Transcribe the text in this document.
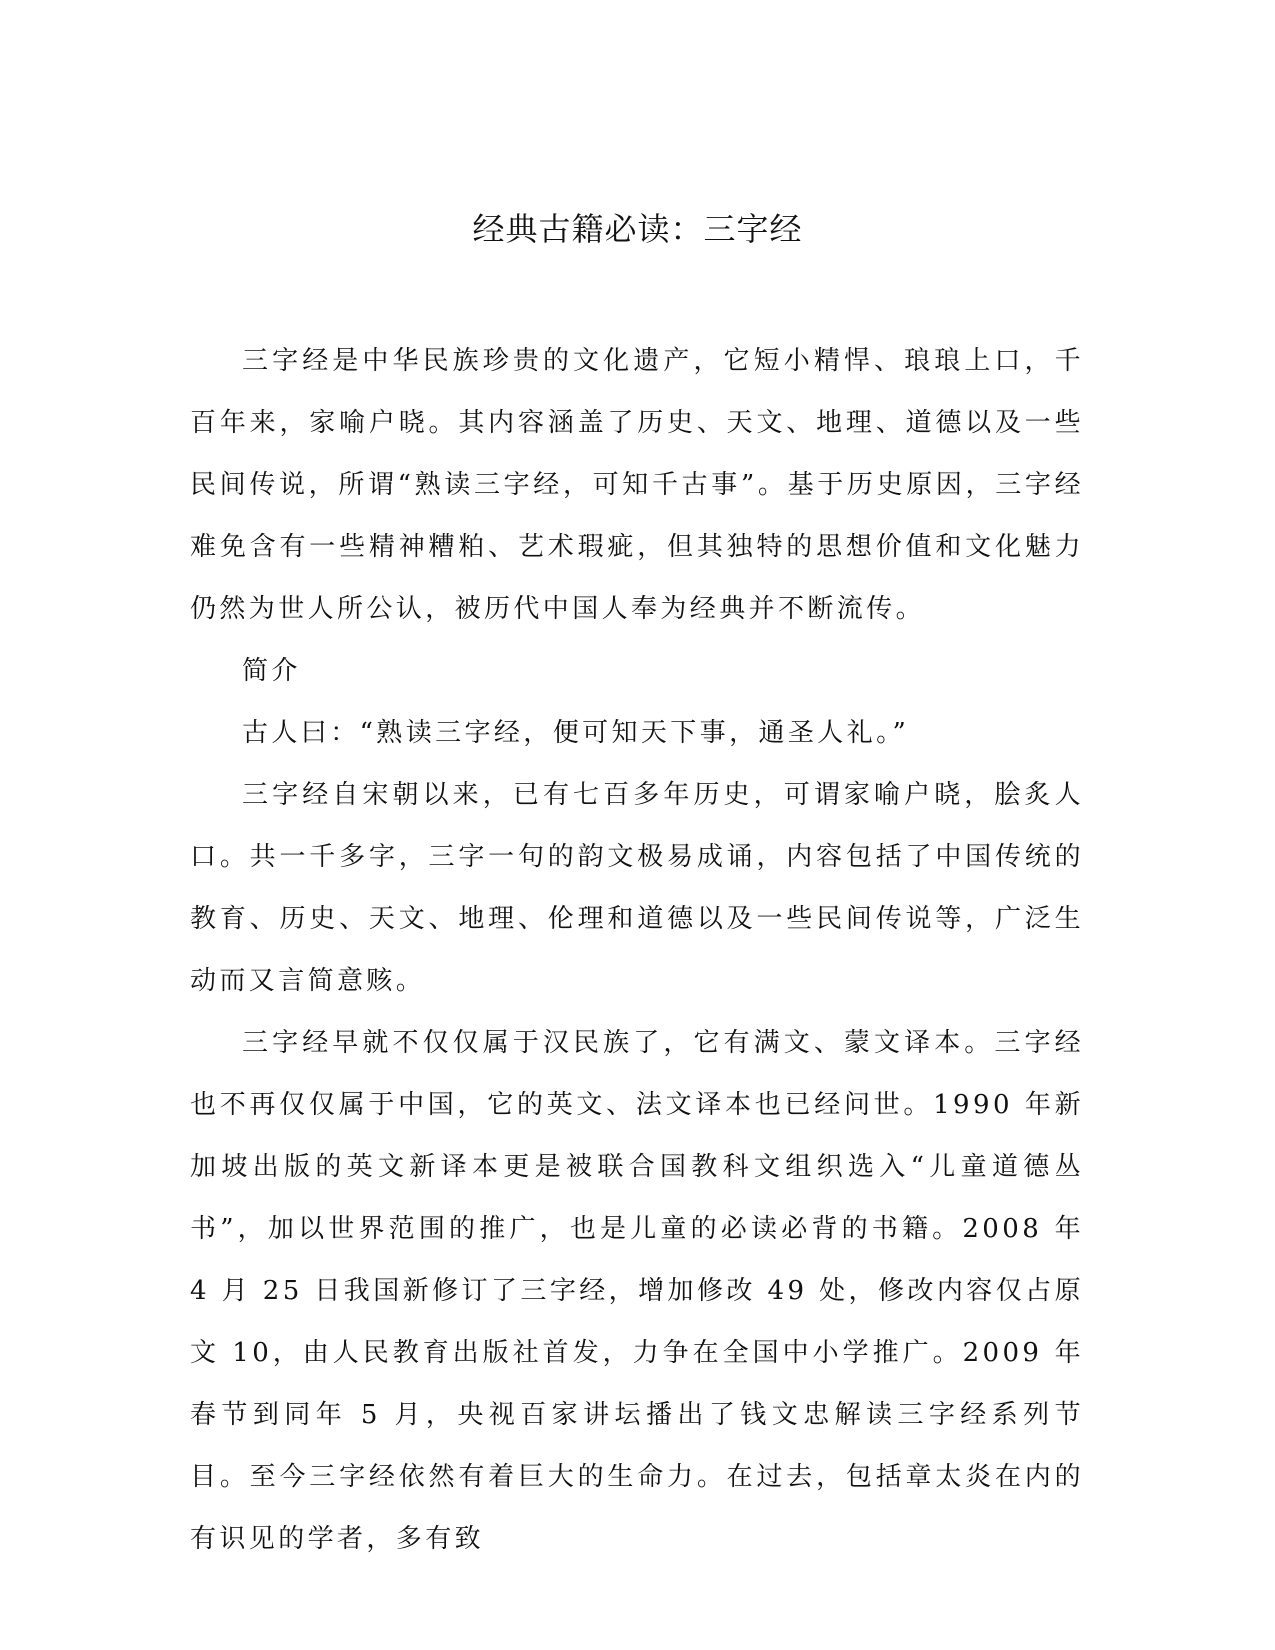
经典古籍必读：三字经

三字经是中华民族珍贵的文化遗产，它短小精悍、琅琅上口，千百年来，家喻户晓。其内容涵盖了历史、天文、地理、道德以及一些民间传说，所谓“熟读三字经，可知千古事”。基于历史原因，三字经难免含有一些精神糟粕、艺术瑕疵，但其独特的思想价值和文化魅力仍然为世人所公认，被历代中国人奉为经典并不断流传。

简介

古人曰：“熟读三字经，便可知天下事，通圣人礼。”

三字经自宋朝以来，已有七百多年历史，可谓家喻户晓，脍炙人口。共一千多字，三字一句的韵文极易成诵，内容包括了中国传统的教育、历史、天文、地理、伦理和道德以及一些民间传说等，广泛生动而又言简意赅。

三字经早就不仅仅属于汉民族了，它有满文、蒙文译本。三字经也不再仅仅属于中国，它的英文、法文译本也已经问世。1990 年新加坡出版的英文新译本更是被联合国教科文组织选入“儿童道德丛书”，加以世界范围的推广，也是儿童的必读必背的书籍。2008 年 4 月 25 日我国新修订了三字经，增加修改 49 处，修改内容仅占原文 10，由人民教育出版社首发，力争在全国中小学推广。2009 年春节到同年 5 月，央视百家讲坛播出了钱文忠解读三字经系列节目。至今三字经依然有着巨大的生命力。在过去，包括章太炎在内的有识见的学者，多有致
